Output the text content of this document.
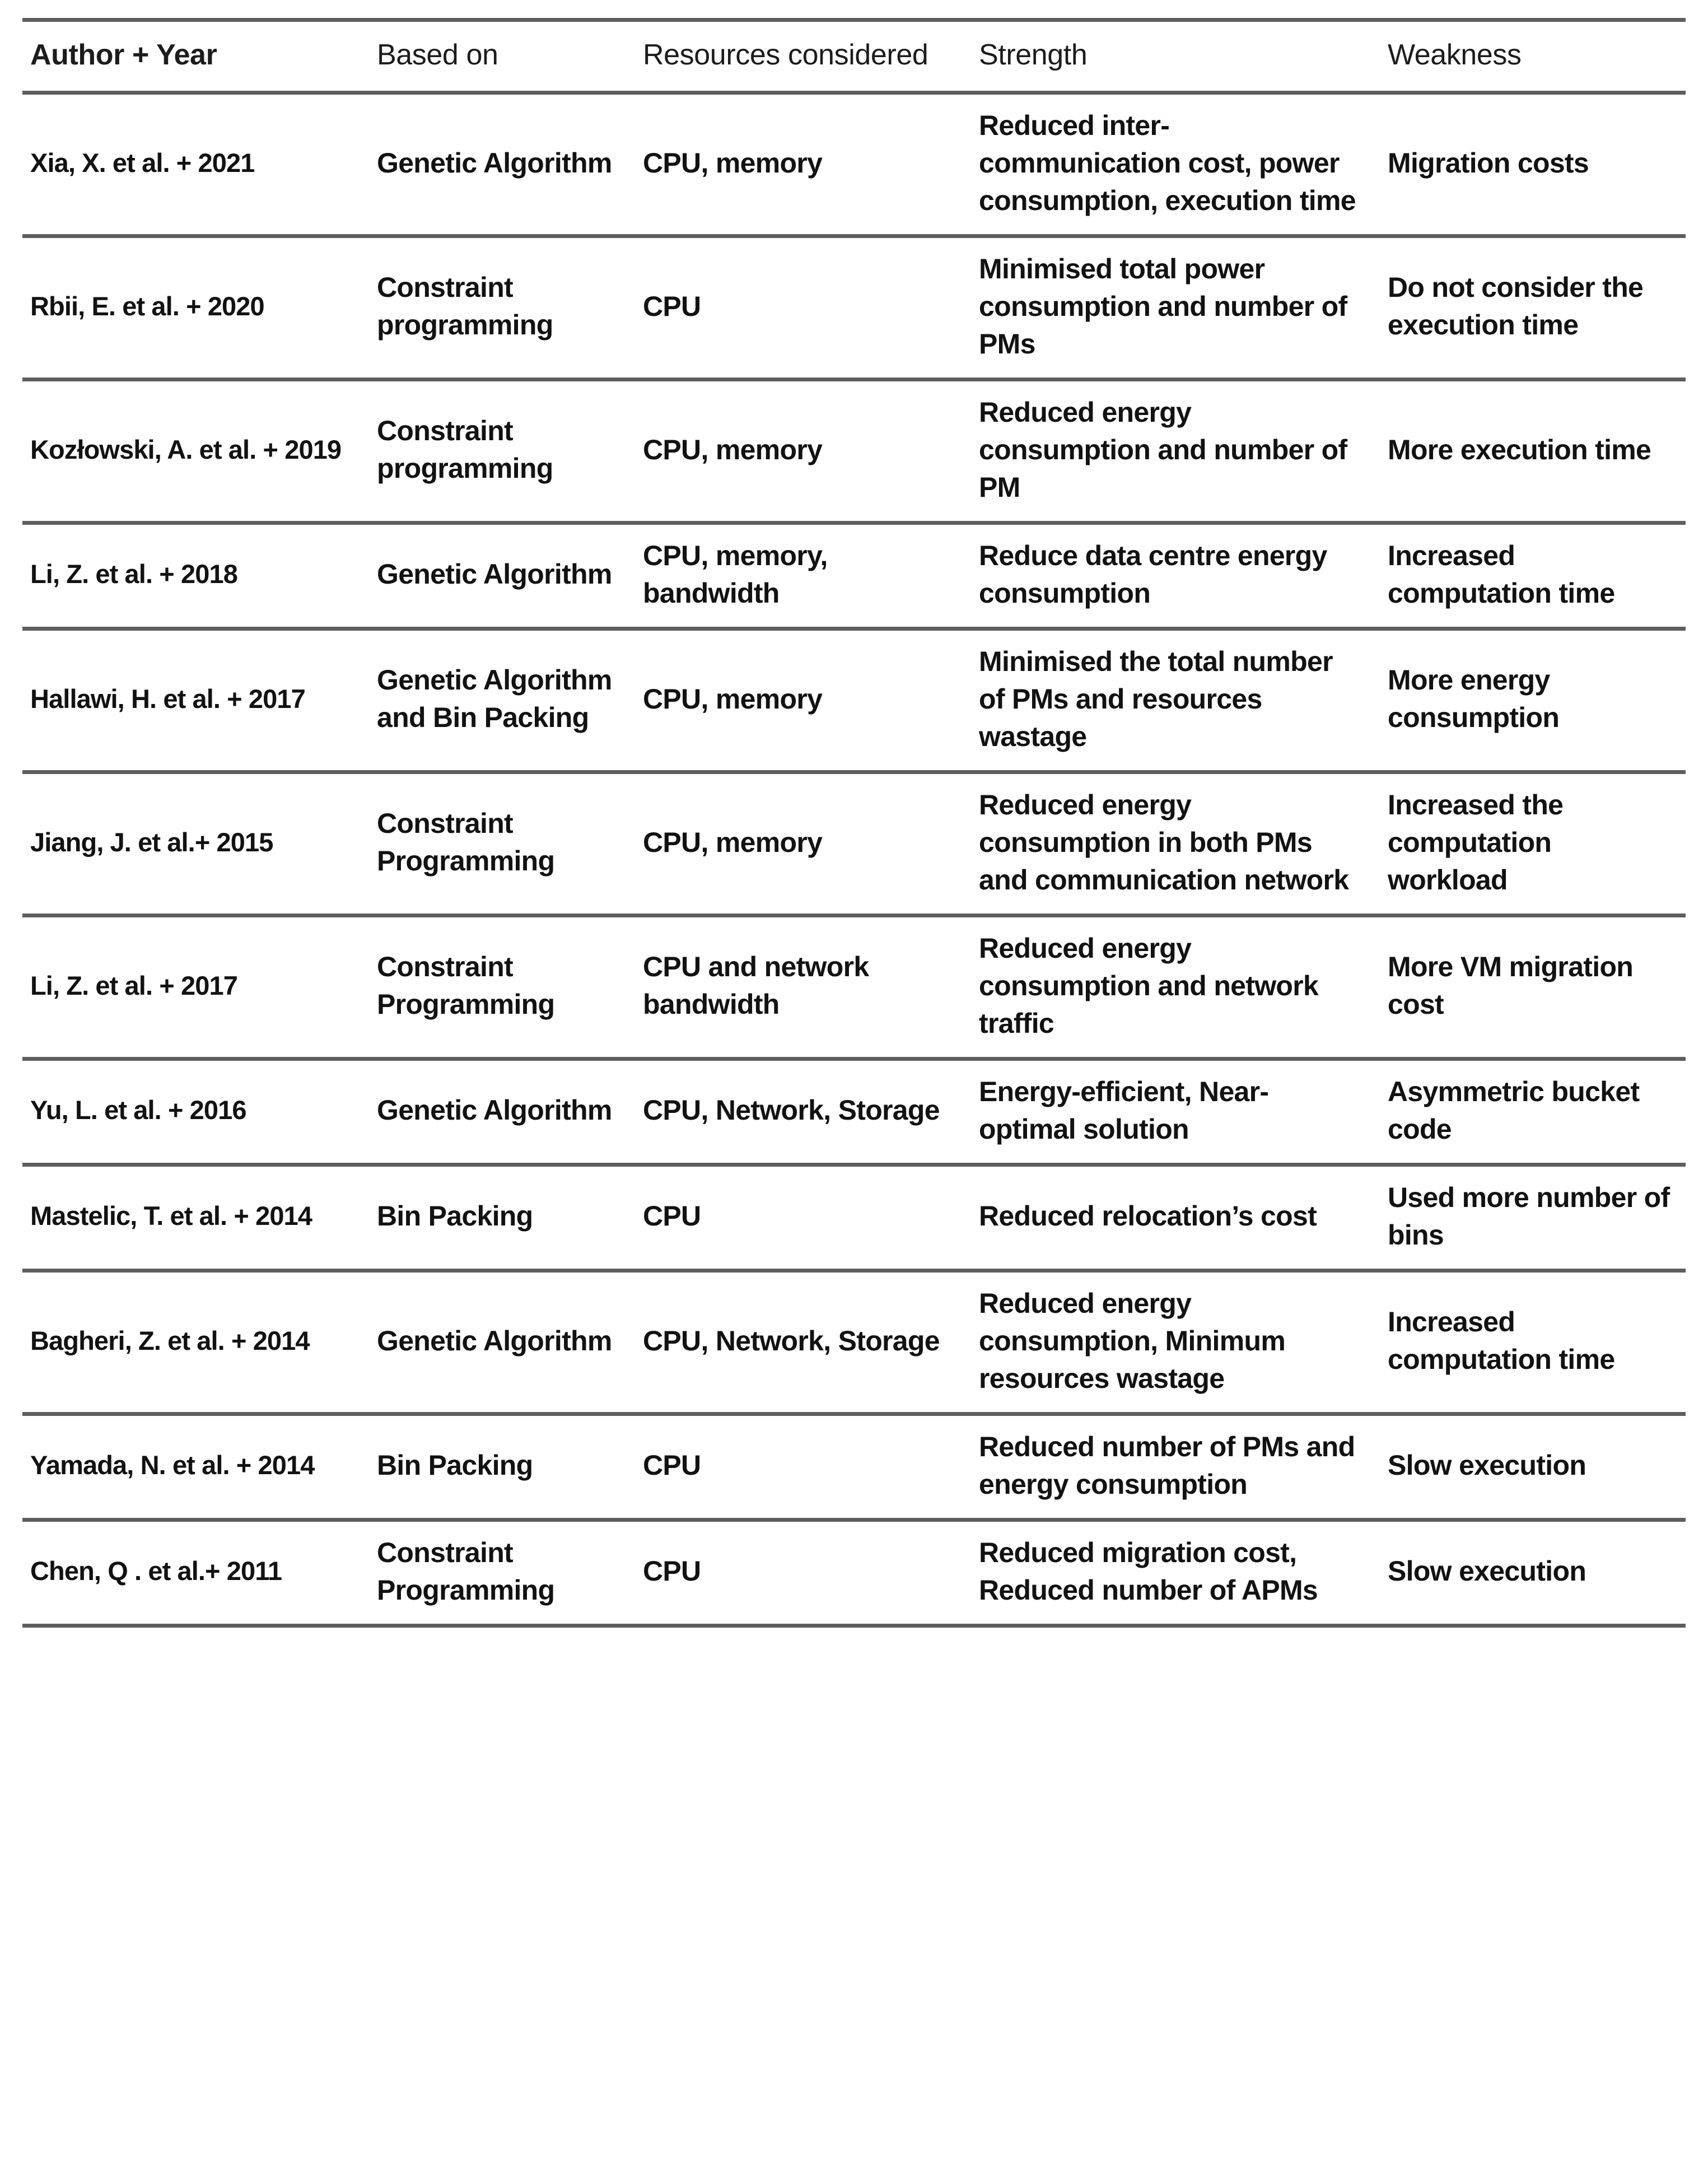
Author + Year	Based on	Resources considered	Strength	Weakness
Xia, X. et al. + 2021	Genetic Algorithm	CPU, memory	Reduced inter-communication cost, power consumption, execution time	Migration costs
Rbii, E. et al. + 2020	Constraint programming	CPU	Minimised total power consumption and number of PMs	Do not consider the execution time
Kozłowski, A. et al. + 2019	Constraint programming	CPU, memory	Reduced energy consumption and number of PM	More execution time
Li, Z. et al. + 2018	Genetic Algorithm	CPU, memory, bandwidth	Reduce data centre energy consumption	Increased computation time
Hallawi, H. et al. + 2017	Genetic Algorithm and Bin Packing	CPU, memory	Minimised the total number of PMs and resources wastage	More energy consumption
Jiang, J. et al.+ 2015	Constraint Programming	CPU, memory	Reduced energy consumption in both PMs and communication network	Increased the computation workload
Li, Z. et al. + 2017	Constraint Programming	CPU and network bandwidth	Reduced energy consumption and network traffic	More VM migration cost
Yu, L. et al. + 2016	Genetic Algorithm	CPU, Network, Storage	Energy-efficient, Near-optimal solution	Asymmetric bucket code
Mastelic, T. et al. + 2014	Bin Packing	CPU	Reduced relocation’s cost	Used more number of bins
Bagheri, Z. et al. + 2014	Genetic Algorithm	CPU, Network, Storage	Reduced energy consumption, Minimum resources wastage	Increased computation time
Yamada, N. et al. + 2014	Bin Packing	CPU	Reduced number of PMs and energy consumption	Slow execution
Chen, Q . et al.+ 2011	Constraint Programming	CPU	Reduced migration cost, Reduced number of APMs	Slow execution
